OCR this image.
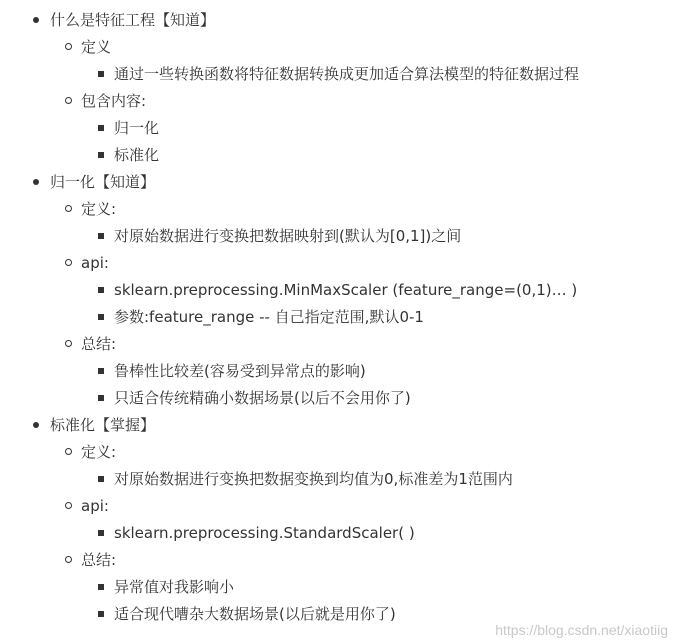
什么是特征工程【知道】
定义
通过一些转换函数将特征数据转换成更加适合算法模型的特征数据过程
包含内容:
归一化
标准化
归一化【知道】
定义:
对原始数据进行变换把数据映射到(默认为[0,1])之间
api:
sklearn.preprocessing.MinMaxScaler (feature_range=(0,1)… )
参数:feature_range -- 自己指定范围,默认0-1
总结:
鲁棒性比较差(容易受到异常点的影响)
只适合传统精确小数据场景(以后不会用你了)
标准化【掌握】
定义:
对原始数据进行变换把数据变换到均值为0,标准差为1范围内
api:
sklearn.preprocessing.StandardScaler( )
总结:
异常值对我影响小
适合现代嘈杂大数据场景(以后就是用你了)
https://blog.csdn.net/xiaotiig
